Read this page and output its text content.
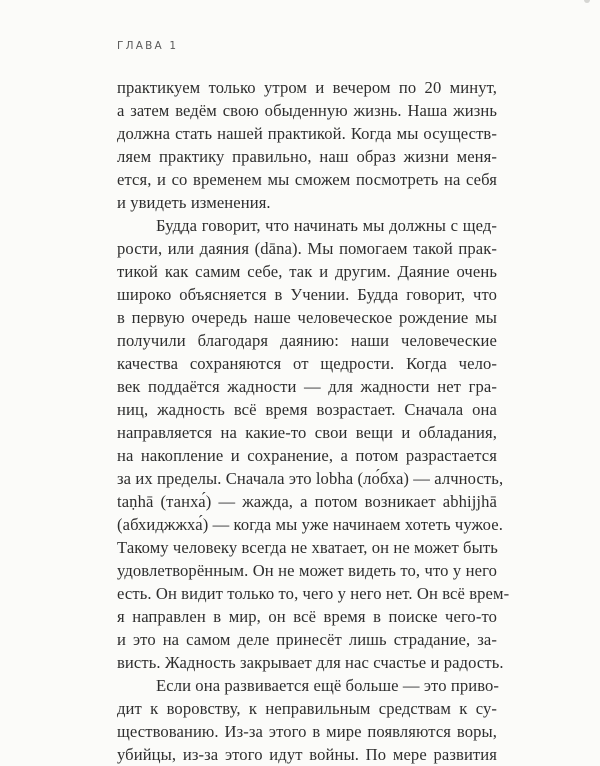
ГЛАВА 1
практикуем только утром и вечером по 20 минут,
а затем ведём свою обыденную жизнь. Наша жизнь
должна стать нашей практикой. Когда мы осуществ-
ляем практику правильно, наш образ жизни меня-
ется, и со временем мы сможем посмотреть на себя
и увидеть изменения.
Будда говорит, что начинать мы должны с щед-
рости, или даяния (dāna). Мы помогаем такой прак-
тикой как самим себе, так и другим. Даяние очень
широко объясняется в Учении. Будда говорит, что
в первую очередь наше человеческое рождение мы
получили благодаря даянию: наши человеческие
качества сохраняются от щедрости. Когда чело-
век поддаётся жадности — для жадности нет гра-
ниц, жадность всё время возрастает. Сначала она
направляется на какие-то свои вещи и обладания,
на накопление и сохранение, а потом разрастается
за их пределы. Сначала это lobha (ло́бха) — алчность,
taṇhā (танха́) — жажда, а потом возникает abhijjhā
(абхиджжха́) — когда мы уже начинаем хотеть чужое.
Такому человеку всегда не хватает, он не может быть
удовлетворённым. Он не может видеть то, что у него
есть. Он видит только то, чего у него нет. Он всё врем-
я направлен в мир, он всё время в поиске чего-то
и это на самом деле принесёт лишь страдание, за-
висть. Жадность закрывает для нас счастье и радость.
Если она развивается ещё больше — это приво-
дит к воровству, к неправильным средствам к су-
ществованию. Из-за этого в мире появляются воры,
убийцы, из-за этого идут войны. По мере развития
